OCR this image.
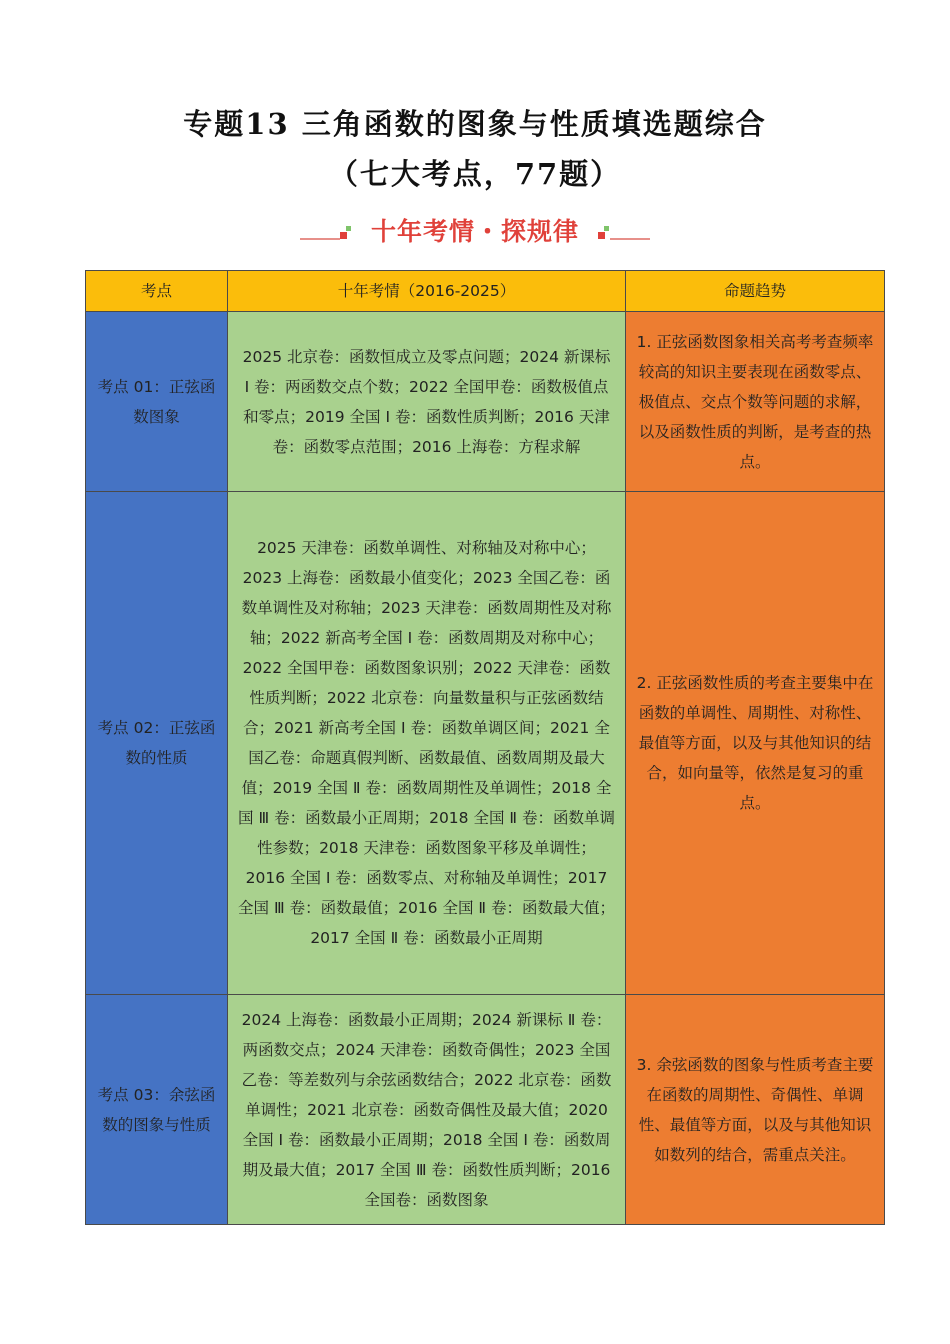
专题13 三角函数的图象与性质填选题综合
（七大考点，77题）
十年考情・探规律
考点	十年考情（2016-2025）	命题趋势
考点 01：正弦函数图象	2025 北京卷：函数恒成立及零点问题；2024 新课标 Ⅰ 卷：两函数交点个数；2022 全国甲卷：函数极值点和零点；2019 全国 Ⅰ 卷：函数性质判断；2016 天津卷：函数零点范围；2016 上海卷：方程求解	1. 正弦函数图象相关高考考查频率较高的知识主要表现在函数零点、极值点、交点个数等问题的求解，以及函数性质的判断，是考查的热点。
考点 02：正弦函数的性质	2025 天津卷：函数单调性、对称轴及对称中心；2023 上海卷：函数最小值变化；2023 全国乙卷：函数单调性及对称轴；2023 天津卷：函数周期性及对称轴；2022 新高考全国 Ⅰ 卷：函数周期及对称中心；2022 全国甲卷：函数图象识别；2022 天津卷：函数性质判断；2022 北京卷：向量数量积与正弦函数结合；2021 新高考全国 Ⅰ 卷：函数单调区间；2021 全国乙卷：命题真假判断、函数最值、函数周期及最大值；2019 全国 Ⅱ 卷：函数周期性及单调性；2018 全国 Ⅲ 卷：函数最小正周期；2018 全国 Ⅱ 卷：函数单调性参数；2018 天津卷：函数图象平移及单调性；2016 全国 Ⅰ 卷：函数零点、对称轴及单调性；2017 全国 Ⅲ 卷：函数最值；2016 全国 Ⅱ 卷：函数最大值；2017 全国 Ⅱ 卷：函数最小正周期	2. 正弦函数性质的考查主要集中在函数的单调性、周期性、对称性、最值等方面，以及与其他知识的结合，如向量等，依然是复习的重点。
考点 03：余弦函数的图象与性质	2024 上海卷：函数最小正周期；2024 新课标 Ⅱ 卷：两函数交点；2024 天津卷：函数奇偶性；2023 全国乙卷：等差数列与余弦函数结合；2022 北京卷：函数单调性；2021 北京卷：函数奇偶性及最大值；2020 全国 Ⅰ 卷：函数最小正周期；2018 全国 Ⅰ 卷：函数周期及最大值；2017 全国 Ⅲ 卷：函数性质判断；2016 全国卷：函数图象	3. 余弦函数的图象与性质考查主要在函数的周期性、奇偶性、单调性、最值等方面，以及与其他知识如数列的结合，需重点关注。
